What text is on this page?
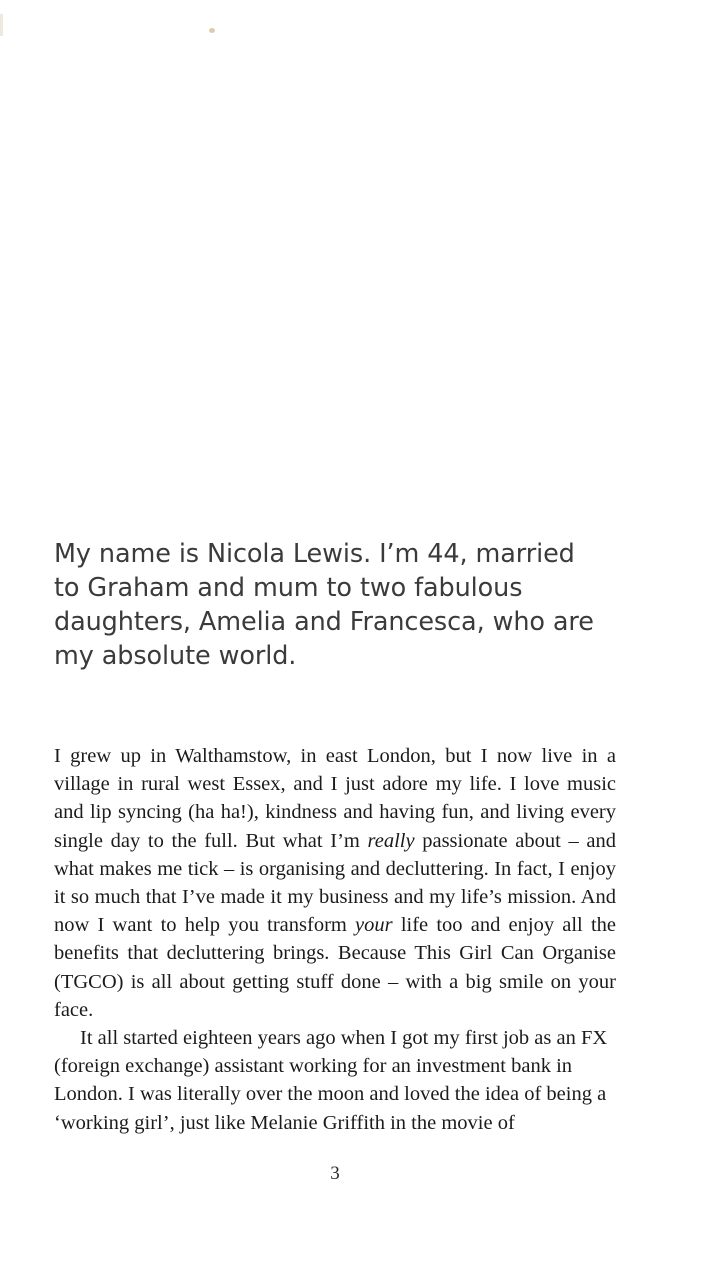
My name is Nicola Lewis. I’m 44, married to Graham and mum to two fabulous daughters, Amelia and Francesca, who are my absolute world.

I grew up in Walthamstow, in east London, but I now live in a village in rural west Essex, and I just adore my life. I love music and lip syncing (ha ha!), kindness and having fun, and living every single day to the full. But what I’m really passionate about – and what makes me tick – is organising and decluttering. In fact, I enjoy it so much that I’ve made it my business and my life’s mission. And now I want to help you transform your life too and enjoy all the benefits that decluttering brings. Because This Girl Can Organise (TGCO) is all about getting stuff done – with a big smile on your face.

It all started eighteen years ago when I got my first job as an FX (foreign exchange) assistant working for an investment bank in London. I was literally over the moon and loved the idea of being a ‘working girl’, just like Melanie Griffith in the movie of

3
